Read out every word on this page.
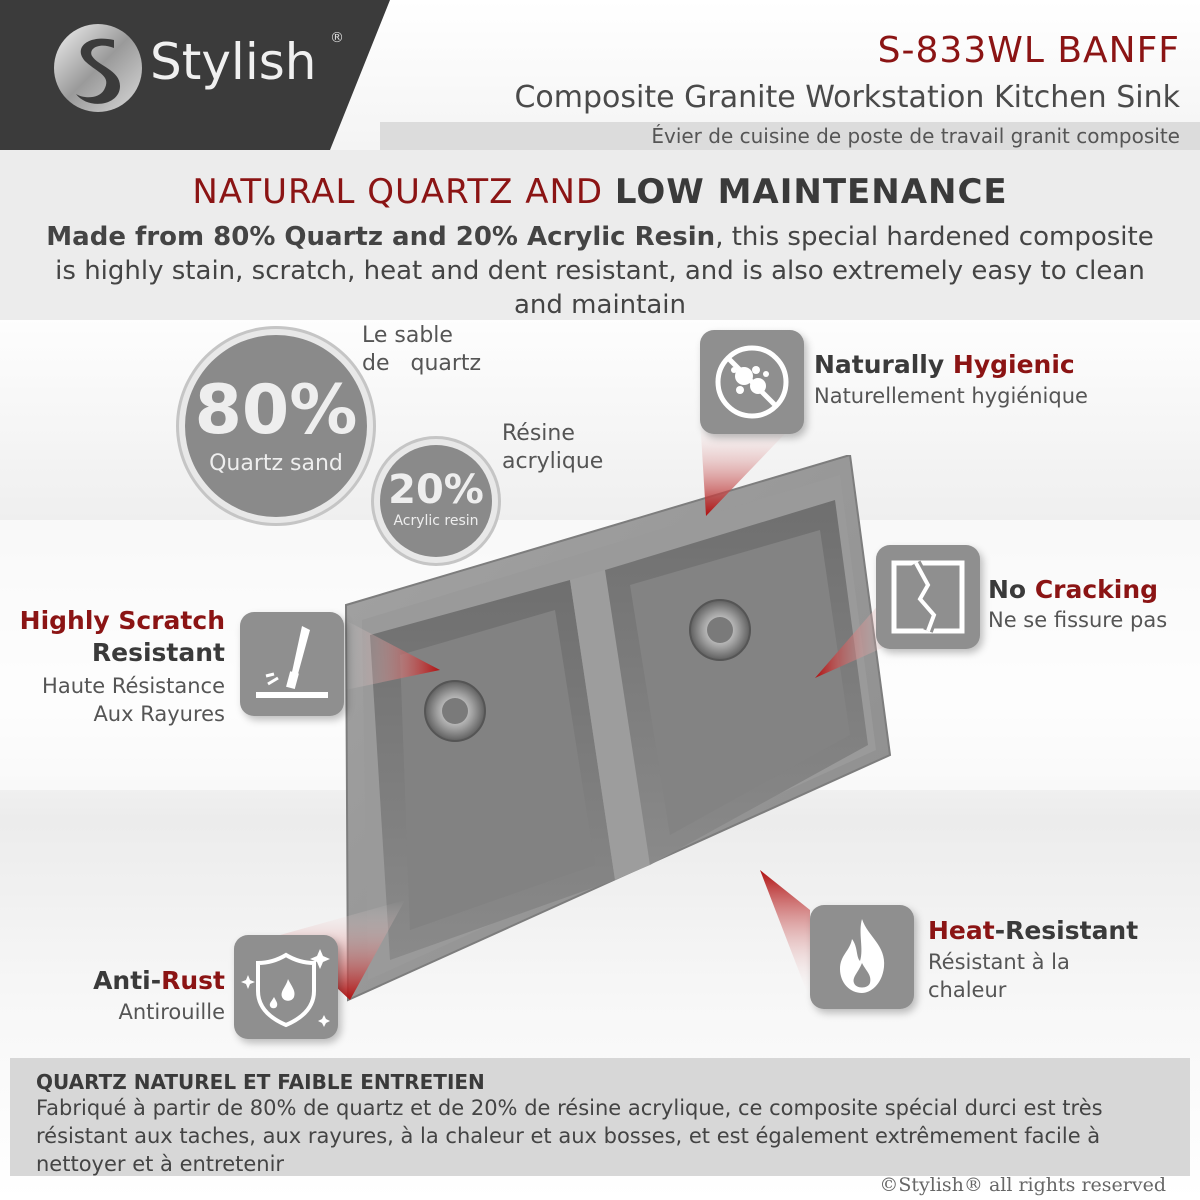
Stylish ®	S-833WL BANFF
Composite Granite Workstation Kitchen Sink
Évier de cuisine de poste de travail granit composite
NATURAL QUARTZ AND LOW MAINTENANCE
Made from 80% Quartz and 20% Acrylic Resin, this special hardened composite is highly stain, scratch, heat and dent resistant, and is also extremely easy to clean and maintain
80%
Quartz sand
20%
Acrylic resin
Le sable
de   quartz
Résine
acrylique
Naturally Hygienic
Naturellement hygiénique
No Cracking
Ne se fissure pas
Highly Scratch
Resistant
Haute Résistance
Aux Rayures
Heat-Resistant
Résistant à la
chaleur
Anti-Rust
Antirouille
QUARTZ NATUREL ET FAIBLE ENTRETIEN
Fabriqué à partir de 80% de quartz et de 20% de résine acrylique, ce composite spécial durci est très résistant aux taches, aux rayures, à la chaleur et aux bosses, et est également extrêmement facile à nettoyer et à entretenir
©Stylish® all rights reserved
